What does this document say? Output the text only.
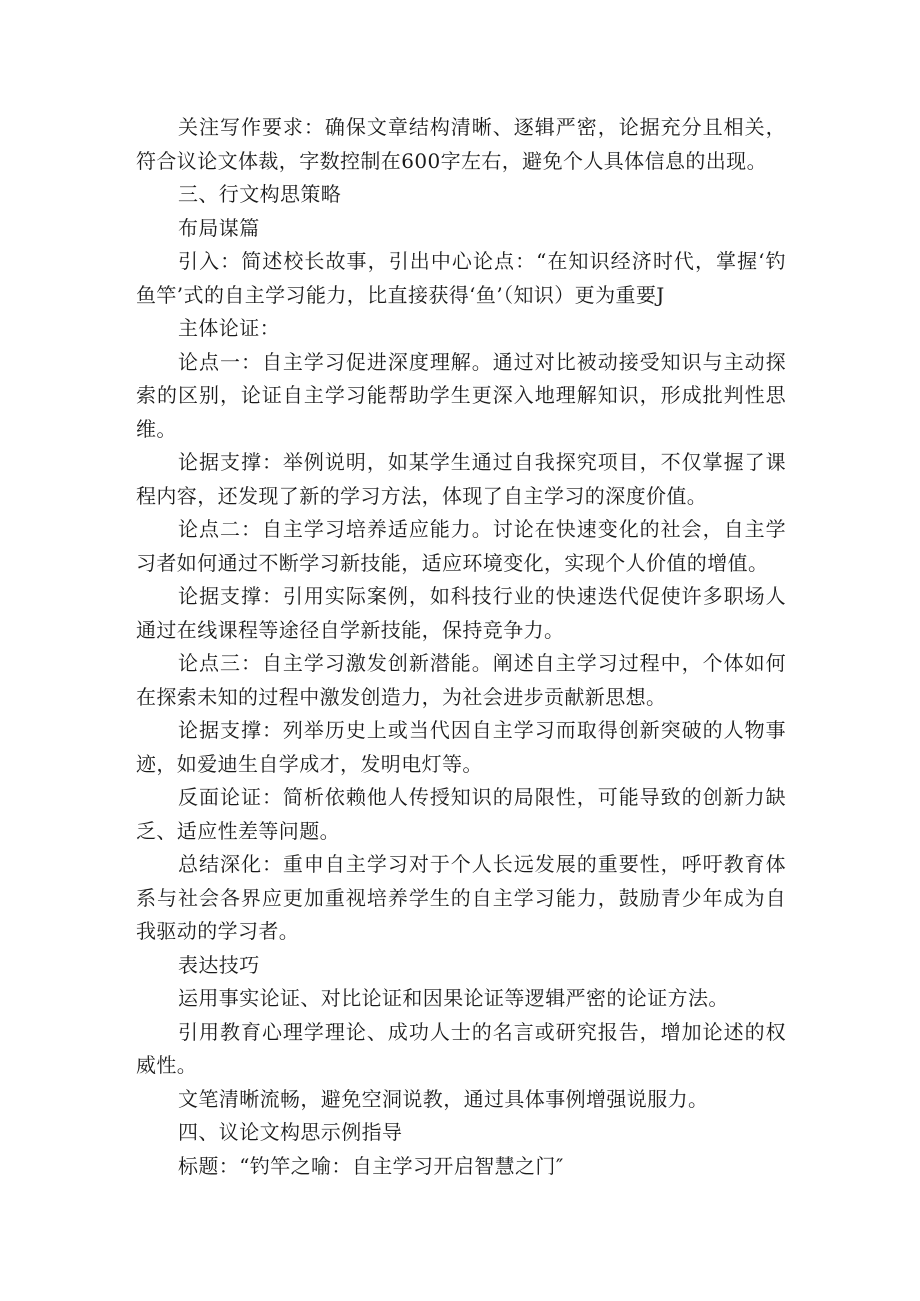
关注写作要求：确保文章结构清晰、逐辑严密，论据充分且相关，符合议论文体裁，字数控制在600字左右，避免个人具体信息的出现。

三、行文构思策略

布局谋篇

引入：简述校长故事，引出中心论点：“在知识经济时代，掌握‘钓鱼竿’式的自主学习能力，比直接获得‘鱼’（知识）更为重要J

主体论证：

论点一：自主学习促进深度理解。通过对比被动接受知识与主动探索的区别，论证自主学习能帮助学生更深入地理解知识，形成批判性思维。

论据支撑：举例说明，如某学生通过自我探究项目，不仅掌握了课程内容，还发现了新的学习方法，体现了自主学习的深度价值。

论点二：自主学习培养适应能力。讨论在快速变化的社会，自主学习者如何通过不断学习新技能，适应环境变化，实现个人价值的增值。

论据支撑：引用实际案例，如科技行业的快速迭代促使许多职场人通过在线课程等途径自学新技能，保持竞争力。

论点三：自主学习激发创新潜能。阐述自主学习过程中，个体如何在探索未知的过程中激发创造力，为社会进步贡献新思想。

论据支撑：列举历史上或当代因自主学习而取得创新突破的人物事迹，如爱迪生自学成才，发明电灯等。

反面论证：简析依赖他人传授知识的局限性，可能导致的创新力缺乏、适应性差等问题。

总结深化：重申自主学习对于个人长远发展的重要性，呼吁教育体系与社会各界应更加重视培养学生的自主学习能力，鼓励青少年成为自我驱动的学习者。

表达技巧

运用事实论证、对比论证和因果论证等逻辑严密的论证方法。

引用教育心理学理论、成功人士的名言或研究报告，增加论述的权威性。

文笔清晰流畅，避免空洞说教，通过具体事例增强说服力。

四、议论文构思示例指导

标题：“钓竿之喻：自主学习开启智慧之门″
